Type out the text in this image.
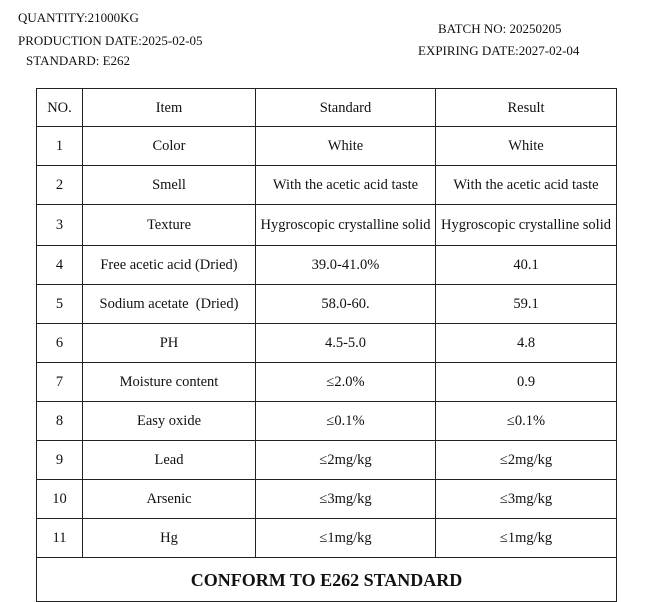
QUANTITY:21000KG
PRODUCTION DATE:2025-02-05
STANDARD: E262
BATCH NO: 20250205
EXPIRING DATE:2027-02-04
NO.	Item	Standard	Result
1	Color	White	White
2	Smell	With the acetic acid taste	With the acetic acid taste
3	Texture	Hygroscopic crystalline solid	Hygroscopic crystalline solid
4	Free acetic acid (Dried)	39.0-41.0%	40.1
5	Sodium acetate  (Dried)	58.0-60.	59.1
6	PH	4.5-5.0	4.8
7	Moisture content	≤2.0%	0.9
8	Easy oxide	≤0.1%	≤0.1%
9	Lead	≤2mg/kg	≤2mg/kg
10	Arsenic	≤3mg/kg	≤3mg/kg
11	Hg	≤1mg/kg	≤1mg/kg
CONFORM TO E262 STANDARD			
